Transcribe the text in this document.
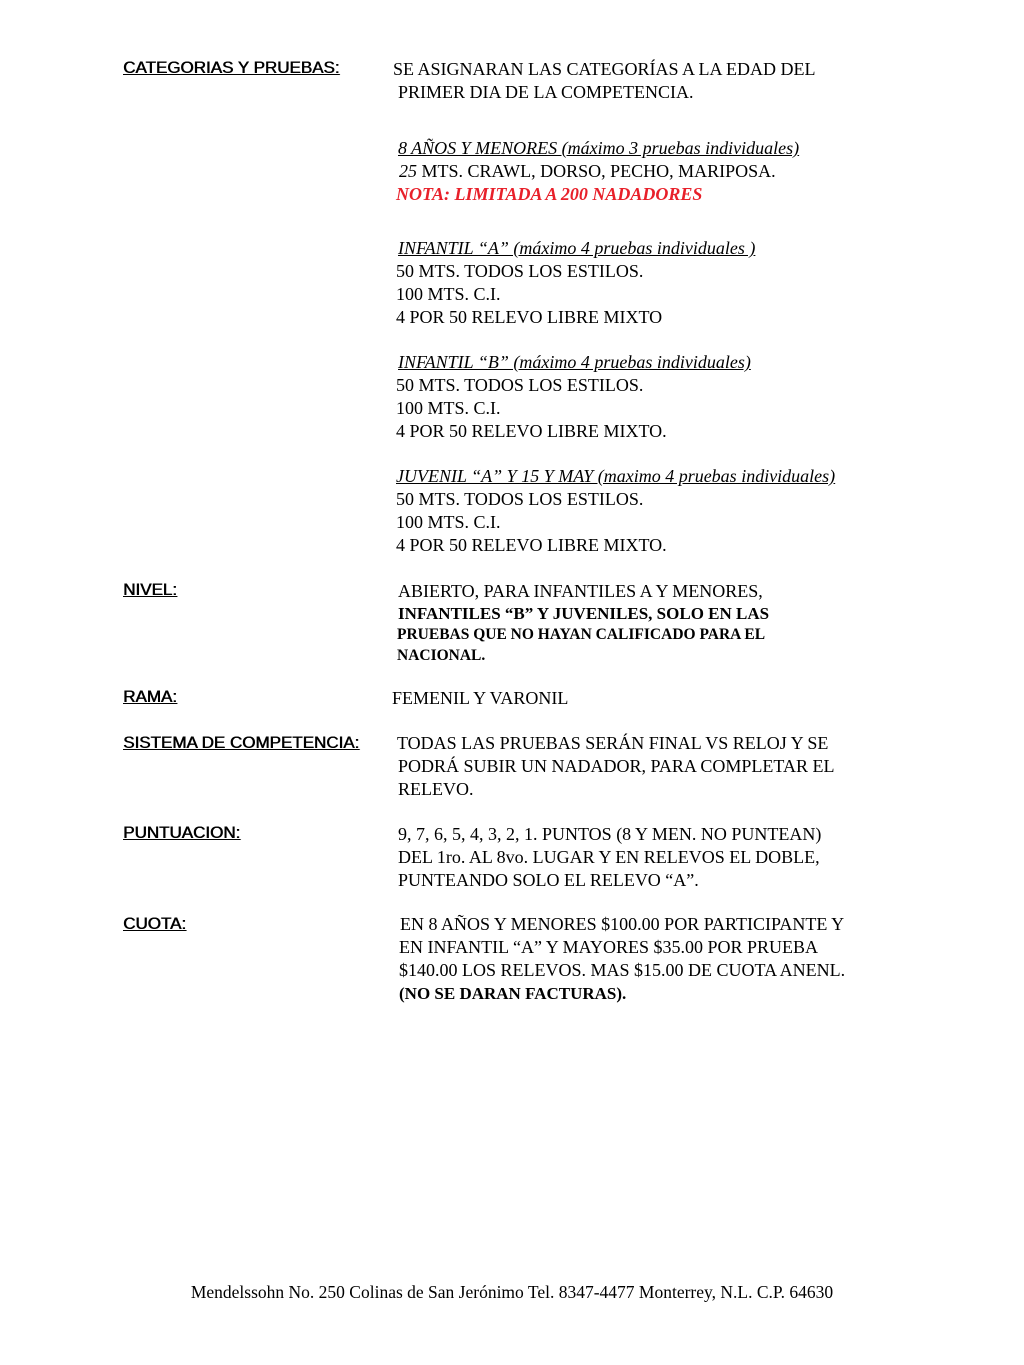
CATEGORIAS Y PRUEBAS:	SE ASIGNARAN LAS CATEGORÍAS A LA EDAD DEL
PRIMER DIA DE LA COMPETENCIA.
8 AÑOS Y MENORES (máximo 3 pruebas individuales)
25 MTS. CRAWL, DORSO, PECHO, MARIPOSA.
NOTA: LIMITADA A 200 NADADORES
INFANTIL “A” (máximo 4 pruebas individuales )
50 MTS. TODOS LOS ESTILOS.
100 MTS. C.I.
4 POR 50 RELEVO LIBRE MIXTO
INFANTIL “B” (máximo 4 pruebas individuales)
50 MTS. TODOS LOS ESTILOS.
100 MTS. C.I.
4 POR 50 RELEVO LIBRE MIXTO.
JUVENIL “A” Y 15 Y MAY (maximo 4 pruebas individuales)
50 MTS. TODOS LOS ESTILOS.
100 MTS. C.I.
4 POR 50 RELEVO LIBRE MIXTO.
NIVEL:	ABIERTO, PARA INFANTILES A Y MENORES,
INFANTILES “B” Y JUVENILES, SOLO EN LAS
PRUEBAS QUE NO HAYAN CALIFICADO PARA EL
NACIONAL.
RAMA:	FEMENIL Y VARONIL
SISTEMA DE COMPETENCIA: TODAS LAS PRUEBAS SERÁN FINAL VS RELOJ Y SE
PODRÁ SUBIR UN NADADOR, PARA COMPLETAR EL
RELEVO.
PUNTUACION:	9, 7, 6, 5, 4, 3, 2, 1. PUNTOS (8 Y MEN. NO PUNTEAN)
DEL 1ro. AL 8vo. LUGAR Y EN RELEVOS EL DOBLE,
PUNTEANDO SOLO EL RELEVO “A”.
CUOTA:	EN 8 AÑOS Y MENORES $100.00 POR PARTICIPANTE Y
EN INFANTIL “A” Y MAYORES $35.00 POR PRUEBA
$140.00 LOS RELEVOS. MAS $15.00 DE CUOTA ANENL.
(NO SE DARAN FACTURAS).
Mendelssohn No. 250 Colinas de San Jerónimo Tel. 8347-4477 Monterrey, N.L. C.P. 64630
